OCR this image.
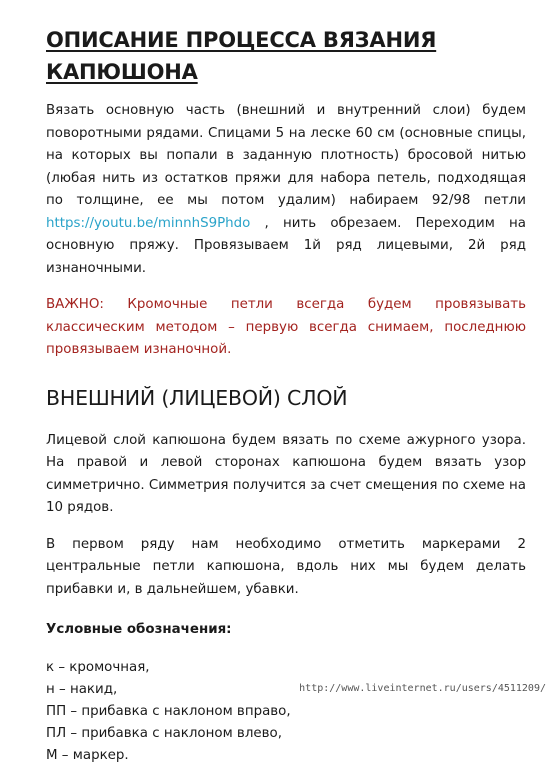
ОПИСАНИЕ ПРОЦЕССА ВЯЗАНИЯ
КАПЮШОНА

Вязать основную часть (внешний и внутренний слои) будем поворотными рядами. Спицами 5 на леске 60 см (основные спицы, на которых вы попали в заданную плотность) бросовой нитью (любая нить из остатков пряжи для набора петель, подходящая по толщине, ее мы потом удалим) набираем 92/98 петли https://youtu.be/minnhS9Phdo , нить обрезаем. Переходим на основную пряжу. Провязываем 1й ряд лицевыми, 2й ряд изнаночными.

ВАЖНО: Кромочные петли всегда будем провязывать классическим методом – первую всегда снимаем, последнюю провязываем изнаночной.

ВНЕШНИЙ (ЛИЦЕВОЙ) СЛОЙ

Лицевой слой капюшона будем вязать по схеме ажурного узора. На правой и левой сторонах капюшона будем вязать узор симметрично. Симметрия получится за счет смещения по схеме на 10 рядов.

В первом ряду нам необходимо отметить маркерами 2 центральные петли капюшона, вдоль них мы будем делать прибавки и, в дальнейшем, убавки.

Условные обозначения:
к – кромочная,
н – накид,
ПП – прибавка с наклоном вправо,
ПЛ – прибавка с наклоном влево,
М – маркер.
http://www.liveinternet.ru/users/4511209/
